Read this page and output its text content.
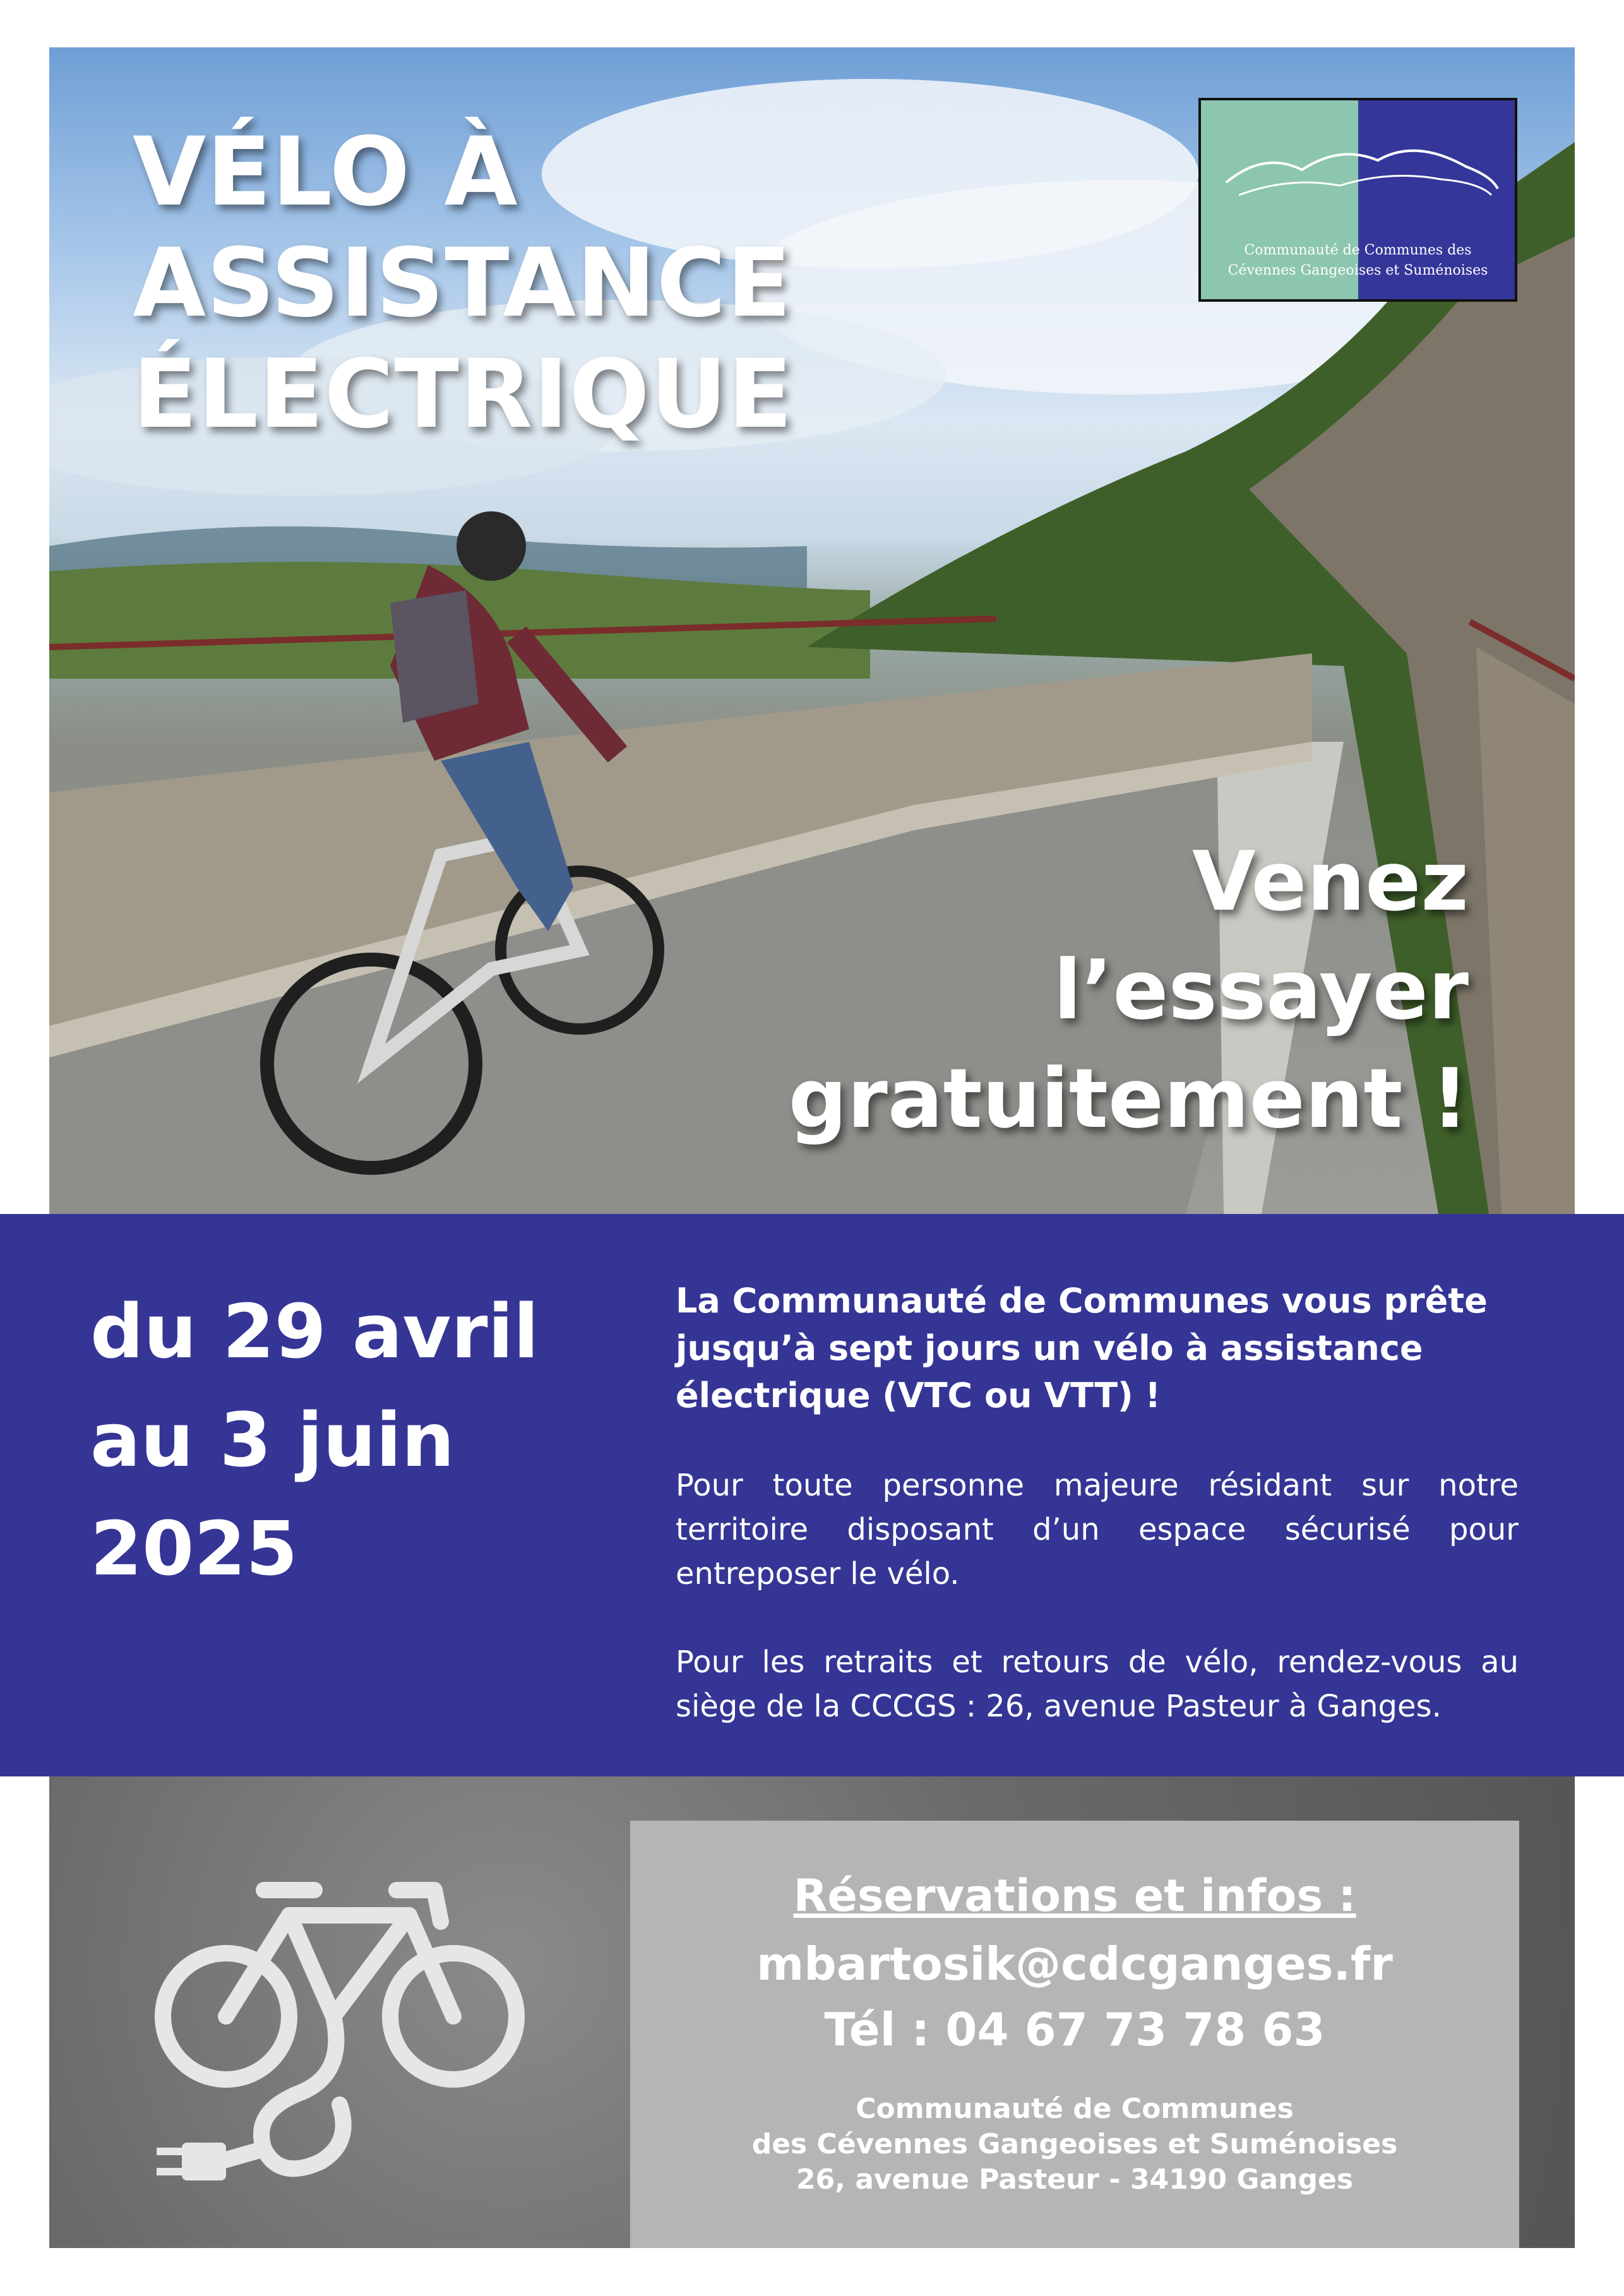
VÉLO À
ASSISTANCE
ÉLECTRIQUE
Communauté de Communes des
Cévennes Gangeoises et Suménoises
Venez
l’essayer
gratuitement !
du 29 avril
au 3 juin
2025

La Communauté de Communes vous prête jusqu’à sept jours un vélo à assistance électrique (VTC ou VTT) !

Pour toute personne majeure résidant sur notre territoire disposant d’un espace sécurisé pour entreposer le vélo.

Pour les retraits et retours de vélo, rendez-vous au siège de la CCCGS : 26, avenue Pasteur à Ganges.

Réservations et infos :
mbartosik@cdcganges.fr
Tél : 04 67 73 78 63
Communauté de Communes
des Cévennes Gangeoises et Suménoises
26, avenue Pasteur - 34190 Ganges
